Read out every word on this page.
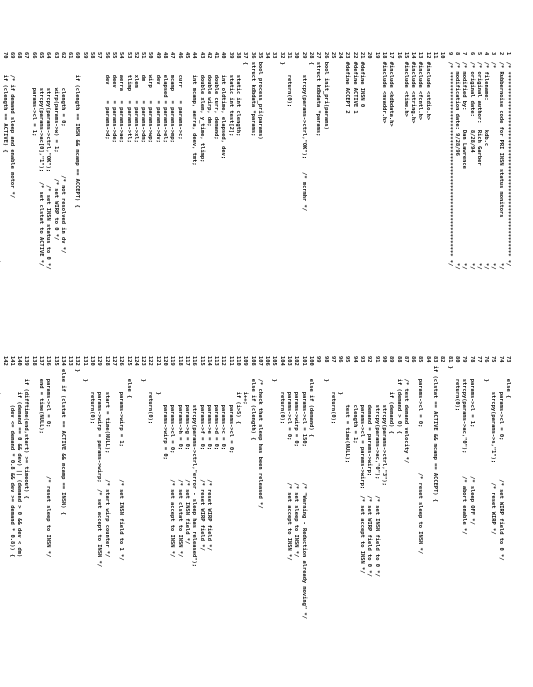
1  /* ********************************************************* */
2  /* Rubbernoise code for PRI INSN status monitors              */
3  /*                                                            */
4  /* filename:         kdb.c                                    */
5  /* original author:  Rich Garber                              */
6  /* original date:    8/28/94                                  */
7  /* modified by:      Dan Lawrence                             */
8  /* modification date: 9/28/96                                 */
9  /* ********************************************************* */
10
11
12 #include <stdio.h>
13 #include <fcntl.h>
14 #include <string.h>
15 #include <time.h>
16
17 #include <kdbdata.h>
18 #include <nvaddr.h>
19
20
21 #define INSN 0
22 #define ACTIVE 1
23 #define ACCEPT 2
24
25
26 bool init_pri(params)
27 struct kdbdata *params;
28 {
29     strcpy(params->ctrl,"OK");    /* mcrmhr */
30
31     return(0);
32 }
33
34
35 bool process_pri(params)
36 struct kdbdata *params;
37 {
38     static int clength;
39     static int test[2];
40     int oldtime, elapsed, dev;
41     double curr, demand;
42     double wirp, dm;
43     double xlem, y_time, tlimp;
44     int mcamp, aerra, deev, tmt;
45
46     curr    = params->c;
47     mcamp   = params->mp;
48     elapsed = params->el;
49     dev     = params->dv;
50     wirp    = params->wp;
51     dm      = params->dm;
52     xlem    = params->xl;
53     tlimp   = params->tl;
54     aerra   = params->ae;
55     deev    = params->de;
56     dev     = params->d;
57
58
59
60     if (clength == INSN && mcamp == ACCEPT) {
61
62         clength = 0;               /* not resolved in dv */
63         wirp(params->w) = 1;        /* set WIRP to 0 */
64         strcpy(params->ctrl,"OK");    /* set INSN status to 0 */
65         strcpy(params->ac[0],"1");   /* set clstat to ACTIVE */
66         params->cl = 1;
67
68
69     /* if demand sleep and enable motor */
70     if (clength == ACTIVE) {
73     else {
74         params->cl = 0;            /* set WIRP field to 0 */
75         strcpy(params->s,"1");      /* reset WIRP */
76     }
77
78     params->cl = 1;               /* sleep OFF */
79     strcpy(params->ac,"0");       /* abort enable */
80     return(0);
81 }
82
83 if (clstat == ACTIVE && mcamp == ACCEPT) {
84
85     params->cl = 0;              /* reset sleep to INSN */
86
87     /* test demand velocity */
88     if (demand > 0) {
89         if (demand) {
90             strcpy(params->ctrl,"3");
91             strcpy(params->ac,"0");     /* set INSN field to 0 */
92             demand = params->wirp;      /* set WIRP field to 0 */
93             params->cl = params->wirp;  /* set accept to INSN */
94             clength = 1;
95             test = time(NULL);
96         }
97         return(0);
98     }
99
100    else if (demand) {
101        params->cl = 150;           /* "Warning - Reduction already moving" */
102        params->wirp = 0;           /* set sleep to INSN */
103        params->cl = 0;             /* set accept to INSN */
104        return(0);
105    }
106
107    /* check that sleep has been released */
108    else if (clength) {
109        i++;
110        if (i>5) {
111            params->cl = 0;
112            params->c = 0;
113            params->d = 0;
114            params->e = 0;         /* reset WIRP field */
115            params->f = 0;         /* reset WIRP field */
116            strcpy(params->ctrl,"error - sleep has released");
117            params->g = 0;         /* set INSN field */
118            params->h = 0;         /* set clstat to INSN */
119            params->cl = 0;        /* set accept to INSN */
120            params->wirp = 0;
121        }
122        return(0);
123    }
124
125    else {
126        params->wirp = 1;          /* set INSN field to 1 */
127
128        start = time(NULL);        /* start wirp counter */
129        params->wirp = params->wirp;  /* set accept to INSN */
130        return(0);
131    }
132 }
133
134 else if (clstat == ACTIVE && mcamp == INSN) {
135
136    params->cl = 0;               /* reset sleep to INSN */
137    end = time(NULL);
138
139    if (difftime(end,start) >= timeout) {
140        if (demand == 0 && dev) || (demand > 0 && dev < dm)
141            (dev <= demand * 0.8 && dev >= demand * 0.8)) {
142
